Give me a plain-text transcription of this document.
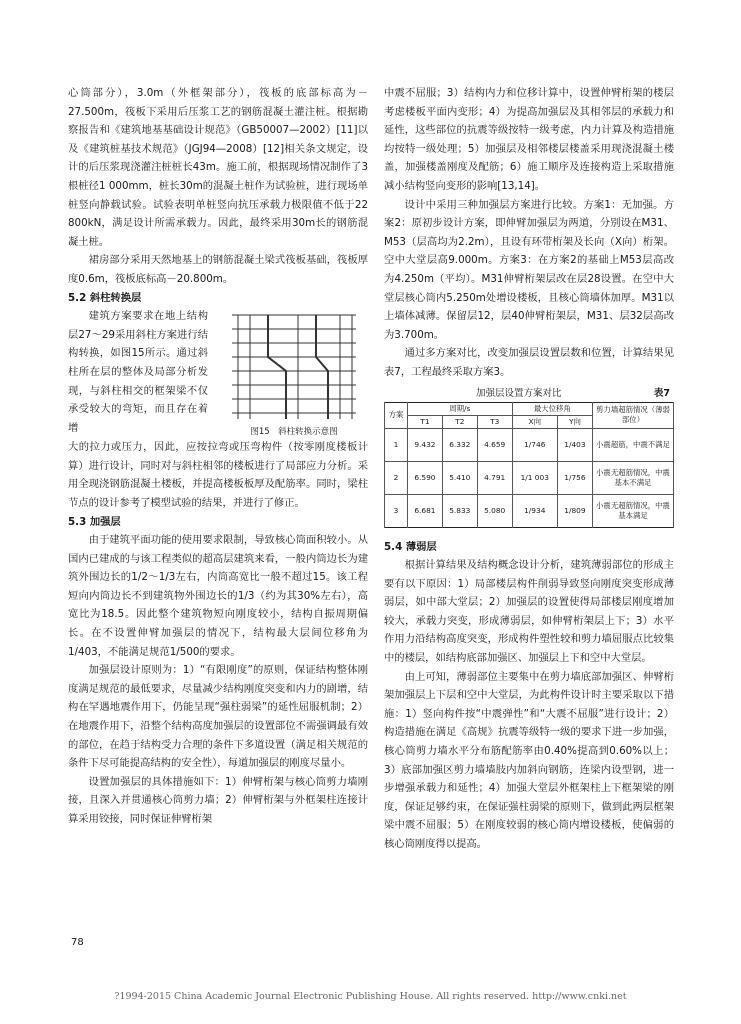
心筒部分），3.0m（外框架部分），筏板的底部标高为－27.500m，筏板下采用后压浆工艺的钢筋混凝土灌注桩。根据勘察报告和《建筑地基基础设计规范》（GB50007—2002）[11]以及《建筑桩基技术规范》（JGJ94—2008）[12]相关条文规定，设计的后压浆现浇灌注桩桩长43m。施工前，根据现场情况制作了3根桩径1 000mm，桩长30m的混凝土桩作为试验桩，进行现场单桩竖向静载试验。试验表明单桩竖向抗压承载力极限值不低于22 800kN，满足设计所需承载力。因此，最终采用30m长的钢筋混凝土桩。

裙房部分采用天然地基上的钢筋混凝土梁式筏板基础，筏板厚度0.6m，筏板底标高－20.800m。

5.2 斜柱转换层

建筑方案要求在地上结构层27～29采用斜柱方案进行结构转换，如图15所示。通过斜柱所在层的整体及局部分析发现，与斜柱相交的框架梁不仅承受较大的弯矩，而且存在着增	图15　斜柱转换示意图

大的拉力或压力，因此，应按拉弯或压弯构件（按零刚度楼板计算）进行设计，同时对与斜柱相邻的楼板进行了局部应力分析。采用全现浇钢筋混凝土楼板，并提高楼板板厚及配筋率。同时，梁柱节点的设计参考了模型试验的结果，并进行了修正。

5.3 加强层

由于建筑平面功能的使用要求限制，导致核心筒面积较小。从国内已建成的与该工程类似的超高层建筑来看，一般内筒边长为建筑外围边长的1/2～1/3左右，内筒高宽比一般不超过15。该工程短向内筒边长不到建筑物外围边长的1/3（约为其30%左右），高宽比为18.5。因此整个建筑物短向刚度较小，结构自振周期偏长。在不设置伸臂加强层的情况下，结构最大层间位移角为1/403，不能满足规范1/500的要求。

加强层设计原则为：1）“有限刚度”的原则，保证结构整体刚度满足规范的最低要求，尽量减少结构刚度突变和内力的剧增，结构在罕遇地震作用下，仍能呈现“强柱弱梁”的延性屈服机制；2）在地震作用下，沿整个结构高度加强层的设置部位不需强调最有效的部位，在趋于结构受力合理的条件下多道设置（满足相关规范的条件下尽可能提高结构的安全性），每道加强层的刚度尽量小。

设置加强层的具体措施如下：1）伸臂桁架与核心筒剪力墙刚接，且深入并贯通核心筒剪力墙；2）伸臂桁架与外框架柱连接计算采用铰接，同时保证伸臂桁架

中震不屈服；3）结构内力和位移计算中，设置伸臂桁架的楼层考虑楼板平面内变形；4）为提高加强层及其相邻层的承载力和延性，这些部位的抗震等级按特一级考虑，内力计算及构造措施均按特一级处理；5）加强层及相邻楼层楼盖采用现浇混凝土楼盖，加强楼盖刚度及配筋；6）施工顺序及连接构造上采取措施减小结构竖向变形的影响[13,14]。

设计中采用三种加强层方案进行比较。方案1：无加强。方案2：原初步设计方案，即伸臂加强层为两道，分别设在M31、M53（层高均为2.2m），且设有环带桁架及长向（X向）桁架。空中大堂层高9.000m。方案3：在方案2的基础上M53层高改为4.250m（平均）。M31伸臂桁架层改在层28设置。在空中大堂层核心筒内5.250m处增设楼板，且核心筒墙体加厚。M31以上墙体减薄。保留层12，层40伸臂桁架层，M31、层32层高改为3.700m。

通过多方案对比，改变加强层设置层数和位置，计算结果见表7，工程最终采取方案3。

加强层设置方案对比	表7
方案	周期/s			最大位移角		剪力墙超筋情况（薄弱部位）
	T1	T2	T3	X向	Y向	
1	9.432	6.332	4.659	1/746	1/403	小震超筋，中震不满足
2	6.590	5.410	4.791	1/1 003	1/756	小震无超筋情况，中震基本不满足
3	6.681	5.833	5.080	1/934	1/809	小震无超筋情况，中震基本满足

5.4 薄弱层

根据计算结果及结构概念设计分析，建筑薄弱部位的形成主要有以下原因：1）局部楼层构件削弱导致竖向刚度突变形成薄弱层，如中部大堂层；2）加强层的设置使得局部楼层刚度增加较大，承载力突变，形成薄弱层，如伸臂桁架层上下；3）水平作用力沿结构高度突变，形成构件塑性较和剪力墙屈服点比较集中的楼层，如结构底部加强区、加强层上下和空中大堂层。

由上可知，薄弱部位主要集中在剪力墙底部加强区、伸臂桁架加强层上下层和空中大堂层，为此构件设计时主要采取以下措施：1）竖向构件按“中震弹性”和“大震不屈服”进行设计；2）构造措施在满足《高规》抗震等级特一级的要求下进一步加强，核心筒剪力墙水平分布筋配筋率由0.40%提高到0.60%以上；3）底部加强区剪力墙墙肢内加斜向钢筋，连梁内设型钢，进一步增强承载力和延性；4）加强大堂层外框架柱上下框架梁的刚度，保证足够约束，在保证强柱弱梁的原则下，做到此两层框架梁中震不屈服；5）在刚度较弱的核心筒内增设楼板，使偏弱的核心筒刚度得以提高。

78
?1994-2015 China Academic Journal Electronic Publishing House. All rights reserved. http://www.cnki.net
